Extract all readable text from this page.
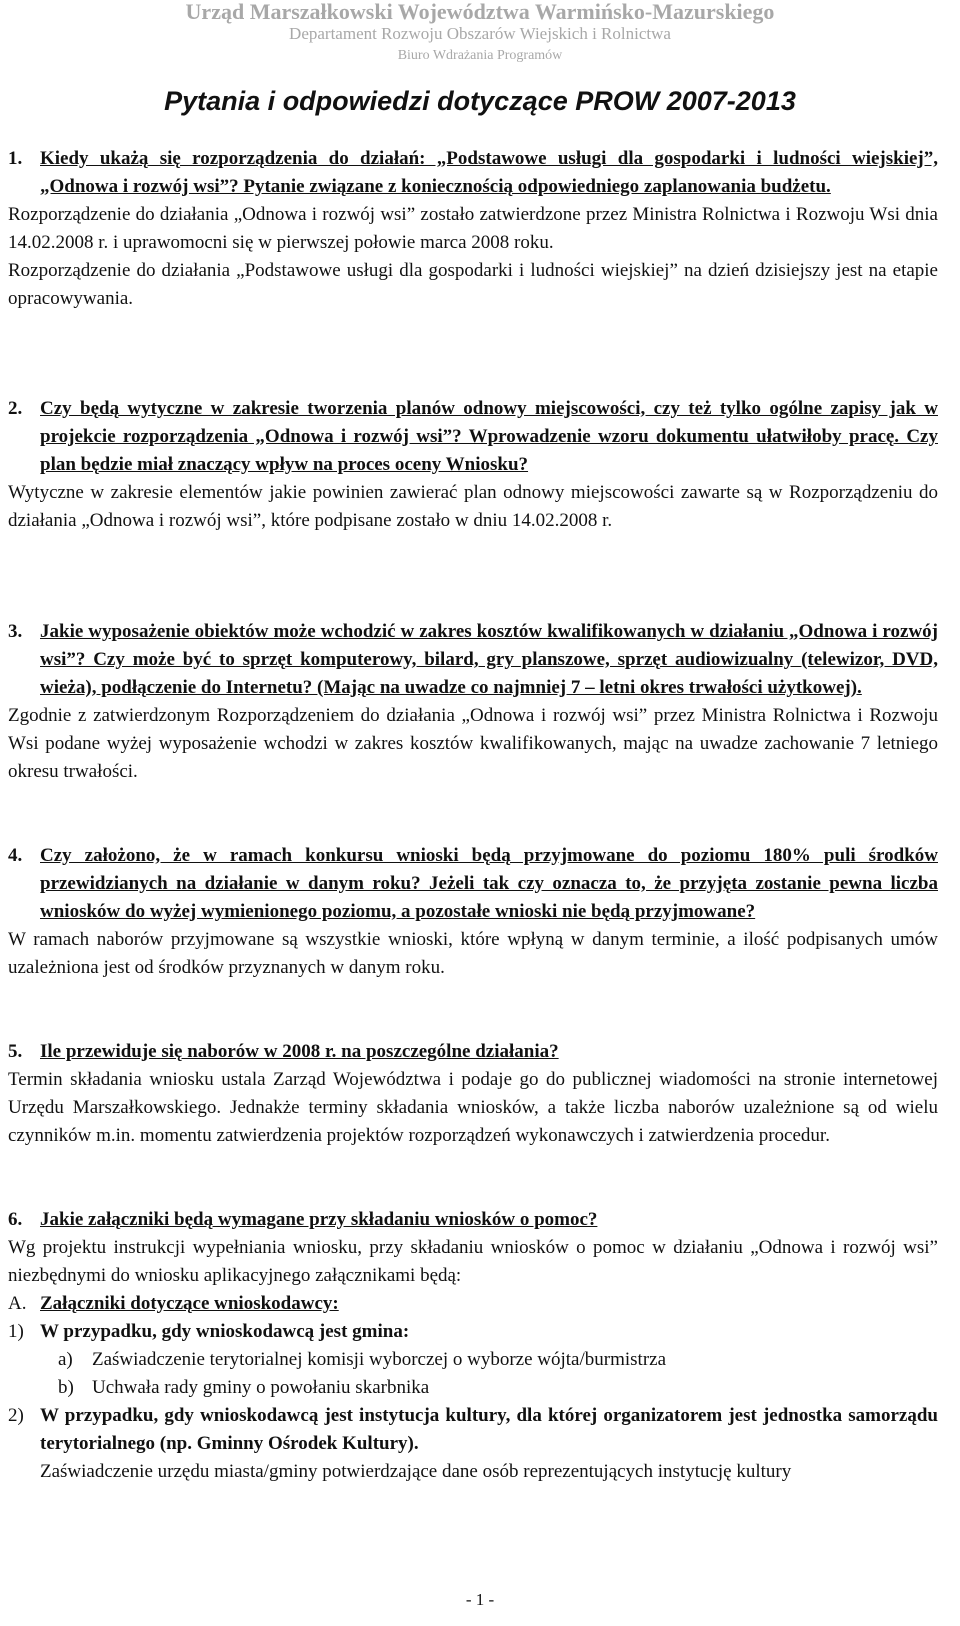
Urząd Marszałkowski Województwa Warmińsko-Mazurskiego
Departament Rozwoju Obszarów Wiejskich i Rolnictwa
Biuro Wdrażania Programów
Pytania i odpowiedzi dotyczące PROW 2007-2013
1. Kiedy ukażą się rozporządzenia do działań: „Podstawowe usługi dla gospodarki i ludności wiejskiej”, „Odnowa i rozwój wsi”? Pytanie związane z koniecznością odpowiedniego zaplanowania budżetu.

Rozporządzenie do działania „Odnowa i rozwój wsi” zostało zatwierdzone przez Ministra Rolnictwa i Rozwoju Wsi dnia 14.02.2008 r. i uprawomocni się w pierwszej połowie marca 2008 roku.

Rozporządzenie do działania „Podstawowe usługi dla gospodarki i ludności wiejskiej” na dzień dzisiejszy jest na etapie opracowywania.

2. Czy będą wytyczne w zakresie tworzenia planów odnowy miejscowości, czy też tylko ogólne zapisy jak w projekcie rozporządzenia „Odnowa i rozwój wsi”? Wprowadzenie wzoru dokumentu ułatwiłoby pracę. Czy plan będzie miał znaczący wpływ na proces oceny Wniosku?

Wytyczne w zakresie elementów jakie powinien zawierać plan odnowy miejscowości zawarte są w Rozporządzeniu do działania „Odnowa i rozwój wsi”, które podpisane zostało w dniu 14.02.2008 r.

3. Jakie wyposażenie obiektów może wchodzić w zakres kosztów kwalifikowanych w działaniu „Odnowa i rozwój wsi”? Czy może być to sprzęt komputerowy, bilard, gry planszowe, sprzęt audiowizualny (telewizor, DVD, wieża), podłączenie do Internetu? (Mając na uwadze co najmniej 7 – letni okres trwałości użytkowej).

Zgodnie z zatwierdzonym Rozporządzeniem do działania „Odnowa i rozwój wsi” przez Ministra Rolnictwa i Rozwoju Wsi podane wyżej wyposażenie wchodzi w zakres kosztów kwalifikowanych, mając na uwadze zachowanie 7 letniego okresu trwałości.

4. Czy założono, że w ramach konkursu wnioski będą przyjmowane do poziomu 180% puli środków przewidzianych na działanie w danym roku? Jeżeli tak czy oznacza to, że przyjęta zostanie pewna liczba wniosków do wyżej wymienionego poziomu, a pozostałe wnioski nie będą przyjmowane?

W ramach naborów przyjmowane są wszystkie wnioski, które wpłyną w danym terminie, a ilość podpisanych umów uzależniona jest od środków przyznanych w danym roku.

5. Ile przewiduje się naborów w 2008 r. na poszczególne działania?

Termin składania wniosku ustala Zarząd Województwa i podaje go do publicznej wiadomości na stronie internetowej Urzędu Marszałkowskiego. Jednakże terminy składania wniosków, a także liczba naborów uzależnione są od wielu czynników m.in. momentu zatwierdzenia projektów rozporządzeń wykonawczych i zatwierdzenia procedur.

6. Jakie załączniki będą wymagane przy składaniu wniosków o pomoc?

Wg projektu instrukcji wypełniania wniosku, przy składaniu wniosków o pomoc w działaniu „Odnowa i rozwój wsi” niezbędnymi do wniosku aplikacyjnego załącznikami będą:

A. Załączniki dotyczące wnioskodawcy:
1) W przypadku, gdy wnioskodawcą jest gmina:
a)	Zaświadczenie terytorialnej komisji wyborczej o wyborze wójta/burmistrza
b) Uchwała rady gminy o powołaniu skarbnika
2) W przypadku, gdy wnioskodawcą jest instytucja kultury, dla której organizatorem jest jednostka samorządu terytorialnego (np. Gminny Ośrodek Kultury).
Zaświadczenie urzędu miasta/gminy potwierdzające dane osób reprezentujących instytucję kultury
- 1 -
